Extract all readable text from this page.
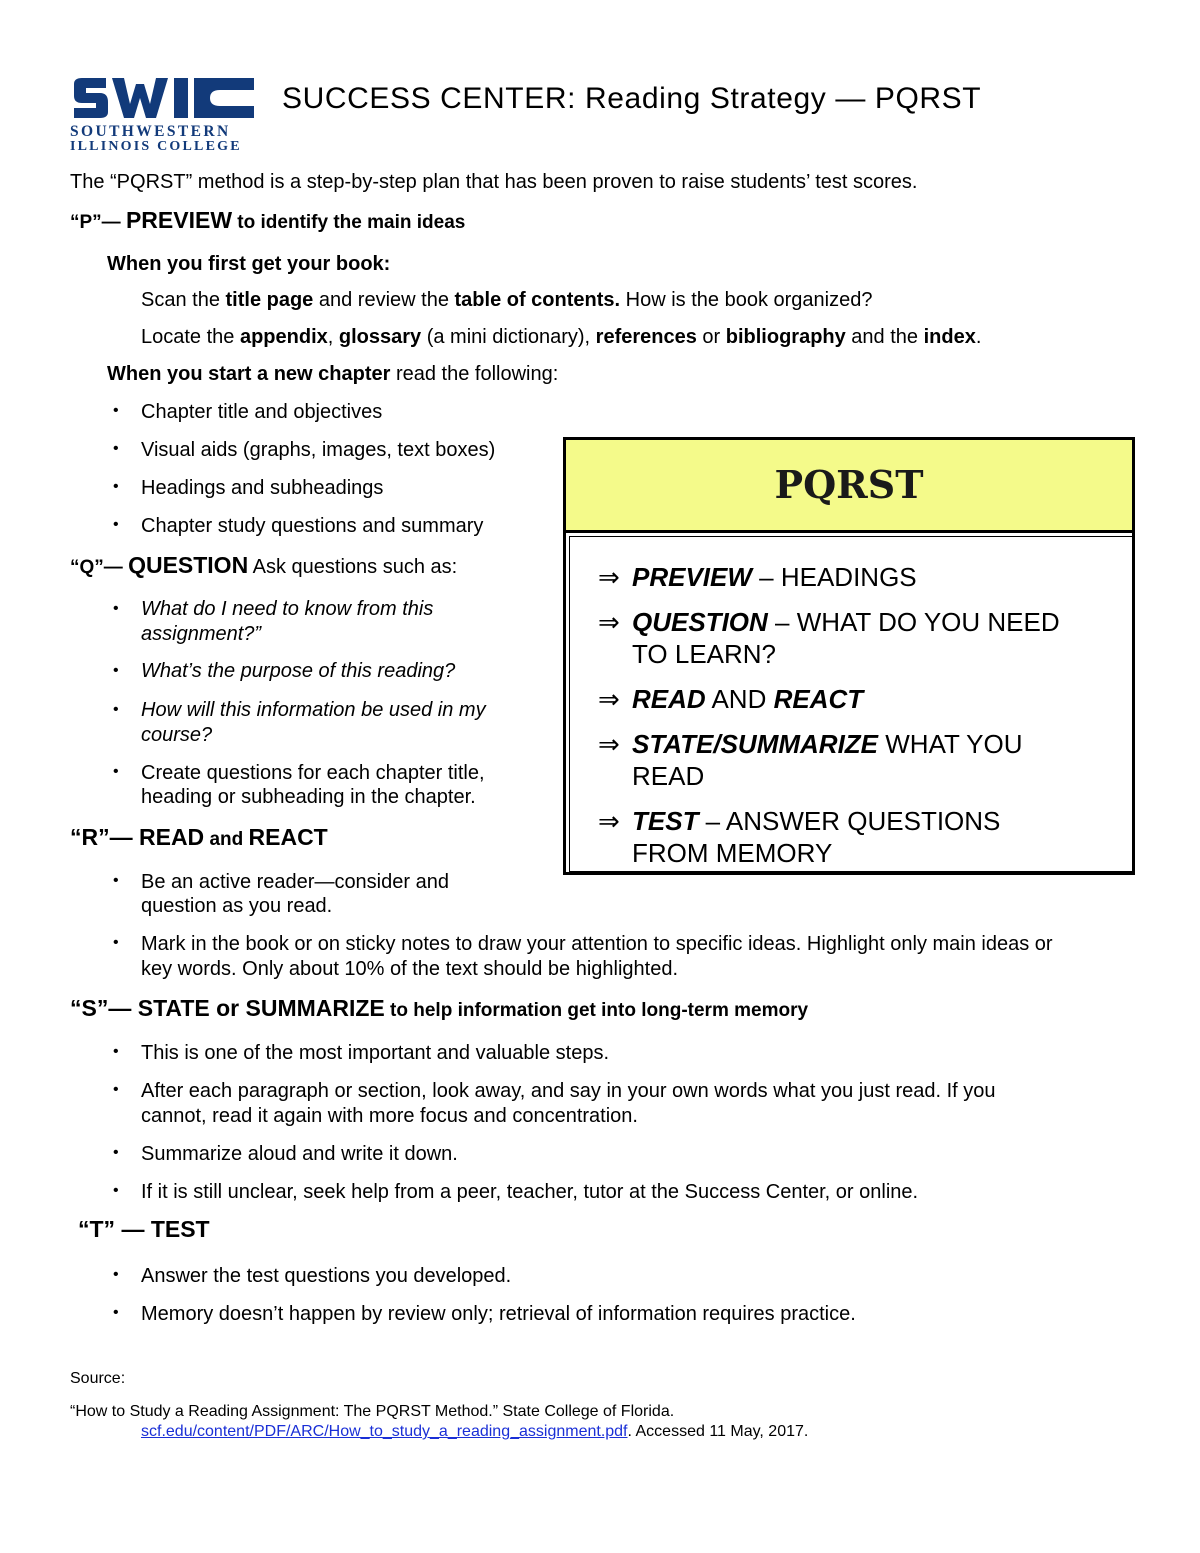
SOUTHWESTERN
ILLINOIS COLLEGE
SUCCESS CENTER: Reading Strategy — PQRST
The “PQRST” method is a step-by-step plan that has been proven to raise students’ test scores.
“P”— PREVIEW to identify the main ideas
When you first get your book:
Scan the title page and review the table of contents. How is the book organized?
Locate the appendix, glossary (a mini dictionary), references or bibliography and the index.
When you start a new chapter read the following:
• Chapter title and objectives
• Visual aids (graphs, images, text boxes)
• Headings and subheadings
• Chapter study questions and summary
“Q”— QUESTION Ask questions such as:
• What do I need to know from this
assignment?”
• What’s the purpose of this reading?
• How will this information be used in my
course?
• Create questions for each chapter title,
heading or subheading in the chapter.
“R”— READ and REACT
• Be an active reader—consider and
question as you read.
• Mark in the book or on sticky notes to draw your attention to specific ideas. Highlight only main ideas or
key words. Only about 10% of the text should be highlighted.
“S”— STATE or SUMMARIZE to help information get into long-term memory
• This is one of the most important and valuable steps.
• After each paragraph or section, look away, and say in your own words what you just read. If you
cannot, read it again with more focus and concentration.
• Summarize aloud and write it down.
• If it is still unclear, seek help from a peer, teacher, tutor at the Success Center, or online.
“T” — TEST
• Answer the test questions you developed.
• Memory doesn’t happen by review only; retrieval of information requires practice.
PQRST
⇒ PREVIEW – HEADINGS
⇒ QUESTION – WHAT DO YOU NEED
TO LEARN?
⇒ READ AND REACT
⇒ STATE/SUMMARIZE WHAT YOU
READ
⇒ TEST – ANSWER QUESTIONS
FROM MEMORY
Source:
“How to Study a Reading Assignment: The PQRST Method.” State College of Florida.
scf.edu/content/PDF/ARC/How_to_study_a_reading_assignment.pdf. Accessed 11 May, 2017.
